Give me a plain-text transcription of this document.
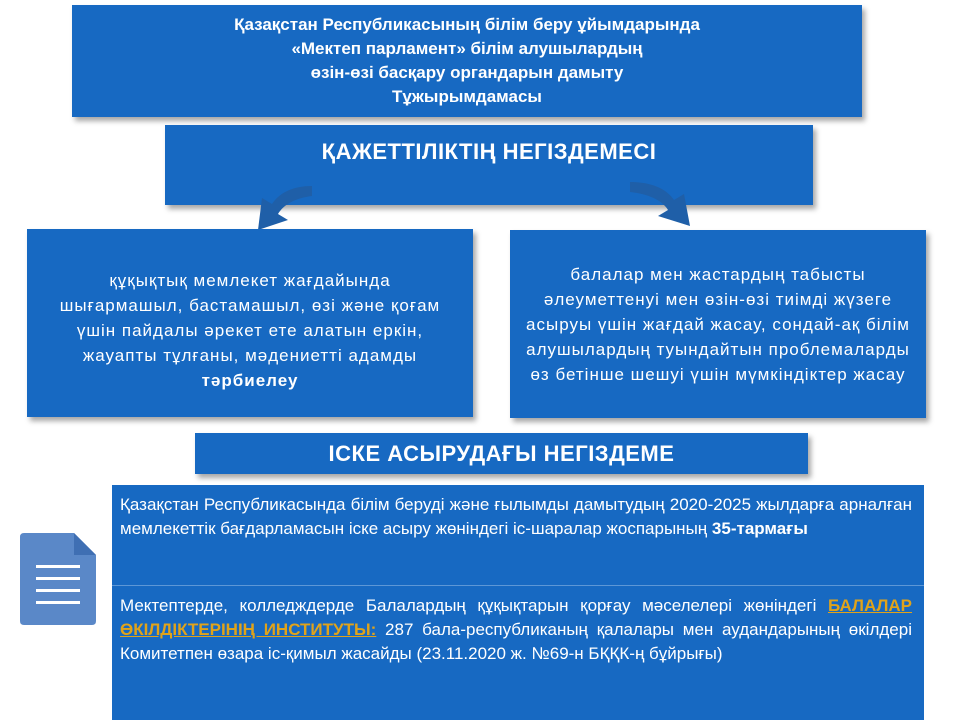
Қазақстан Республикасының білім беру ұйымдарында
«Мектеп парламент» білім алушылардың
өзін-өзі басқару органдарын дамыту
Тұжырымдамасы
ҚАЖЕТТІЛІКТІҢ НЕГІЗДЕМЕСІ
құқықтық мемлекет жағдайында шығармашыл, бастамашыл, өзі және қоғам үшін пайдалы әрекет ете алатын еркін, жауапты тұлғаны, мәдениетті адамды тәрбиелеу
балалар мен жастардың табысты әлеуметтенуі мен өзін-өзі тиімді жүзеге асыруы үшін жағдай жасау, сондай-ақ білім алушылардың туындайтын проблемаларды өз бетінше шешуі үшін мүмкіндіктер жасау
ІСКЕ АСЫРУДАҒЫ НЕГІЗДЕМЕ
Қазақстан Республикасында білім беруді және ғылымды дамытудың 2020-2025 жылдарға арналған мемлекеттік бағдарламасын іске асыру жөніндегі іс-шаралар жоспарының 35-тармағы
Мектептерде, колледждерде Балалардың құқықтарын қорғау мәселелері жөніндегі БАЛАЛАР ӨКІЛДІКТЕРІНІҢ ИНСТИТУТЫ: 287 бала-республиканың қалалары мен аудандарының өкілдері Комитетпен өзара іс-қимыл жасайды (23.11.2020 ж. №69-н БҚҚК-ң бұйрығы)
